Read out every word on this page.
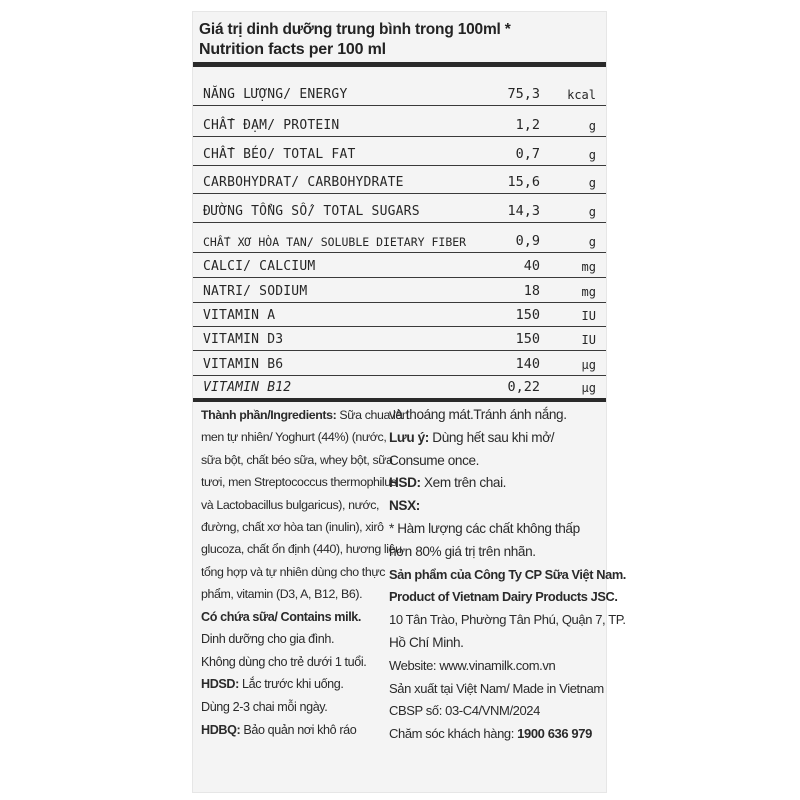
Giá trị dinh dưỡng trung bình trong 100ml *
Nutrition facts per 100 ml
NĂNG LƯỢNG/ ENERGY	75,3 kcal
CHẤT ĐẠM/ PROTEIN	1,2	g
CHẤT BÉO/ TOTAL FAT	0,7	g
CARBOHYDRAT/ CARBOHYDRATE	15,6	g
ĐƯỜNG TỔNG SỐ/ TOTAL SUGARS	14,3	g
CHẤT XƠ HÒA TAN/ SOLUBLE DIETARY FIBER	0,9	g
CALCI/ CALCIUM	40	mg
NATRI/ SODIUM	18	mg
VITAMIN A	150	IU
VITAMIN D3	150	IU
VITAMIN B6	140	µg
VITAMIN B12	0,22	µg
Thành phần/Ingredients: Sữa chua lên
men tự nhiên/ Yoghurt (44%) (nước,
sữa bột, chất béo sữa, whey bột, sữa
tươi, men Streptococcus thermophilus
và Lactobacillus bulgaricus), nước,
đường, chất xơ hòa tan (inulin), xirô
glucoza, chất ổn định (440), hương liệu
tổng hợp và tự nhiên dùng cho thực
phẩm, vitamin (D3, A, B12, B6).
Có chứa sữa/ Contains milk.
Dinh dưỡng cho gia đình.
Không dùng cho trẻ dưới 1 tuổi.
HDSD: Lắc trước khi uống.
Dùng 2-3 chai mỗi ngày.
HDBQ: Bảo quản nơi khô ráo
và thoáng mát.Tránh ánh nắng.
Lưu ý: Dùng hết sau khi mở/
Consume once.
HSD: Xem trên chai.
NSX:
* Hàm lượng các chất không thấp
hơn 80% giá trị trên nhãn.
Sản phẩm của Công Ty CP Sữa Việt Nam.
Product of Vietnam Dairy Products JSC.
10 Tân Trào, Phường Tân Phú, Quận 7, TP.
Hồ Chí Minh.
Website: www.vinamilk.com.vn
Sản xuất tại Việt Nam/ Made in Vietnam
CBSP số: 03-C4/VNM/2024
Chăm sóc khách hàng: 1900 636 979
